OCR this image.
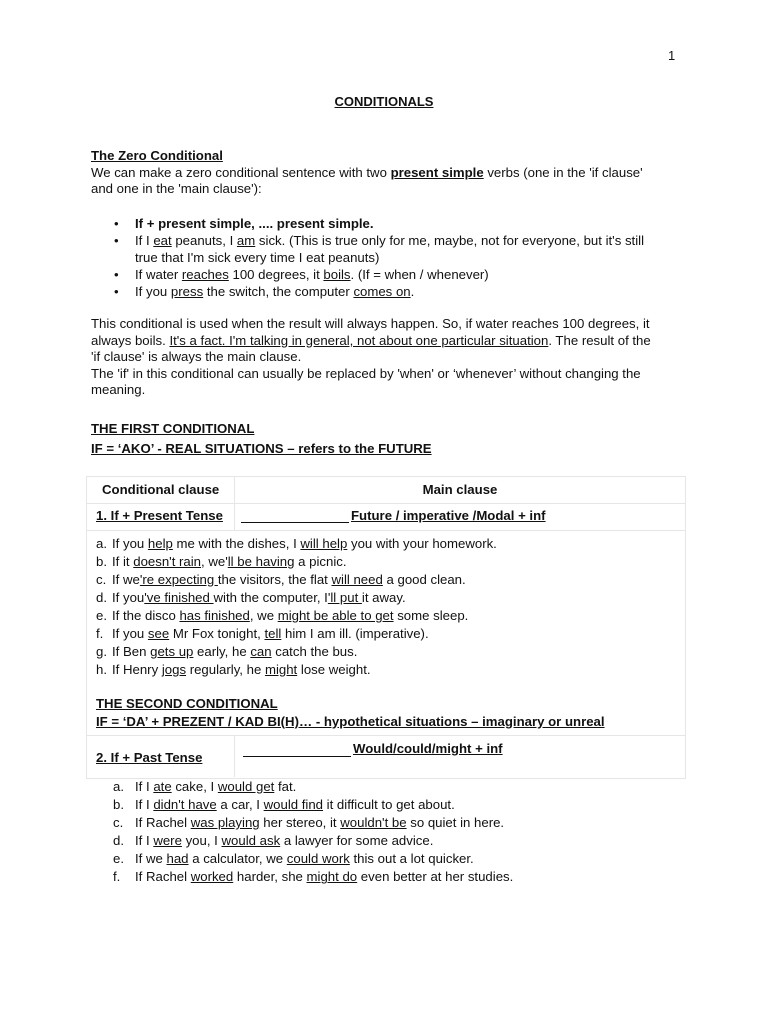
1
CONDITIONALS

The Zero Conditional

We can make a zero conditional sentence with two present simple verbs (one in the 'if clause'

and one in the 'main clause'):

• If + present simple, .... present simple.
• If I eat peanuts, I am sick. (This is true only for me, maybe, not for everyone, but it's still
true that I'm sick every time I eat peanuts)
• If water reaches 100 degrees, it boils. (If = when / whenever)
• If you press the switch, the computer comes on.

This conditional is used when the result will always happen. So, if water reaches 100 degrees, it

always boils. It's a fact. I'm talking in general, not about one particular situation. The result of the

'if clause' is always the main clause.

The 'if' in this conditional can usually be replaced by 'when' or ‘whenever’ without changing the

meaning.

THE FIRST CONDITIONAL

IF = ‘AKO’ - REAL SITUATIONS – refers to the FUTURE

Conditional clause	Main clause
1. If + Present Tense	Future / imperative /Modal + inf
a. If you help me with the dishes, I will help you with your homework.
b. If it doesn't rain, we'll be having a picnic.
c. If we're expecting the visitors, the flat will need a good clean.
d. If you've finished with the computer, I'll put it away.
e. If the disco has finished, we might be able to get some sleep.
f. If you see Mr Fox tonight, tell him I am ill. (imperative).
g. If Ben gets up early, he can catch the bus.
h. If Henry jogs regularly, he might lose weight.

THE SECOND CONDITIONAL

IF = ‘DA’ + PREZENT / KAD BI(H)… - hypothetical situations – imaginary or unreal

2. If + Past Tense
Would/could/might + inf
a. If I ate cake, I would get fat.
b. If I didn't have a car, I would find it difficult to get about.
c. If Rachel was playing her stereo, it wouldn't be so quiet in here.
d. If I were you, I would ask a lawyer for some advice.
e. If we had a calculator, we could work this out a lot quicker.
f. If Rachel worked harder, she might do even better at her studies.
